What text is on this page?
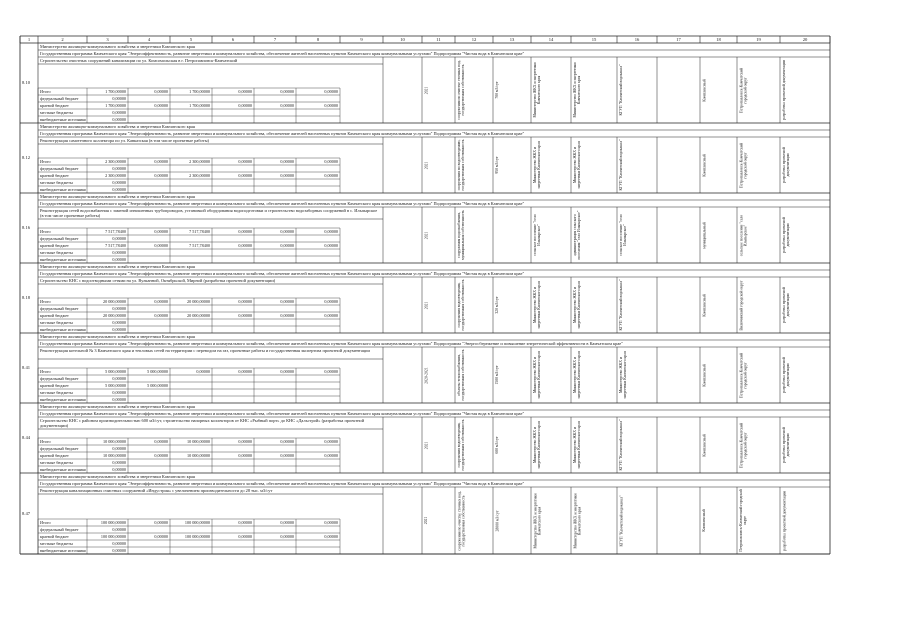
1	2	3	4	5	6	7	8	9	10	11	12	13	14	15	16	17	18	19	20
8.10
Министерство жилищно-коммунального хозяйства и энергетики Камчатского края
Государственная программа Камчатского края "Энергоэффективность, развитие энергетики и коммунального хозяйства, обеспечение жителей населенных пунктов Камчатского края коммунальными услугами" Подпрограмма "Чистая вода в Камчатском крае"
Строительство очистных сооружений канализации по ул. Комсомольская в г. Петропавловск-Камчатский
Итого	1 700,00000	0,00000	1 700,00000	0,00000	0,00000	0,00000
федеральный бюджет	0,00000
краевой бюджет	1 700,00000	0,00000	1 700,00000	0,00000	0,00000	0,00000
местные бюджеты	0,00000
внебюджетные источники	0,00000
2021	сооружения по очистке сточных вод, государственная собственность	700 м3/сут	Министерство ЖКХ и энергетики Камчатского края	Министерство ЖКХ и энергетики Камчатского края	КГУП "Камчатский водоканал"	Комплексный	Петропавловск-Камчатский городской округ	разработка проектной документации
8.12
Министерство жилищно-коммунального хозяйства и энергетики Камчатского края
Государственная программа Камчатского края "Энергоэффективность, развитие энергетики и коммунального хозяйства, обеспечение жителей населенных пунктов Камчатского края коммунальными услугами" Подпрограмма "Чистая вода в Камчатском крае"
Реконструкция самотечного коллектора по ул. Кавказская (в том числе проектные работы)
Итого	2 300,00000	0,00000	2 300,00000	0,00000	0,00000	0,00000
федеральный бюджет	0,00000
краевой бюджет	2 300,00000	0,00000	2 300,00000	0,00000	0,00000	0,00000
местные бюджеты	0,00000
внебюджетные источники	0,00000
2021	сооружения по водоотведению, государственная собственность	950 м3/сут	Министерство ЖКХ и энергетики Камчатского края	Министерство ЖКХ и энергетики Камчатского края	КГУП "Камчатский водоканал"	Комплексный	Петропавловск-Камчатский городской округ	разработка проектной документации
8.16
Министерство жилищно-коммунального хозяйства и энергетики Камчатского края
Государственная программа Камчатского края "Энергоэффективность, развитие энергетики и коммунального хозяйства, обеспечение жителей населенных пунктов Камчатского края коммунальными услугами" Подпрограмма "Чистая вода в Камчатском крае"
Реконструкция сетей водоснабжения с заменой изношенных трубопроводов, установкой оборудования водоподготовки и строительство водозаборных сооружений в с. Ильпырское (в том числе проектные работы)
Итого	7 517,78400	0,00000	7 517,78400	0,00000	0,00000	0,00000
федеральный бюджет	0,00000
краевой бюджет	7 517,78400	0,00000	7 517,78400	0,00000	0,00000	0,00000
местные бюджеты	0,00000
внебюджетные источники	0,00000
2021	сооружения водоснабжения, муниципальная собственность	сельское поселение "село Ильпырское"	администрация сельского поселения "село Ильпырское"	сельское поселение "село Ильпырское"	муниципальный	сельское поселение "село Ильпырское"	разработка проектной документации
8.18
Министерство жилищно-коммунального хозяйства и энергетики Камчатского края
Государственная программа Камчатского края "Энергоэффективность, развитие энергетики и коммунального хозяйства, обеспечение жителей населенных пунктов Камчатского края коммунальными услугами" Подпрограмма "Чистая вода в Камчатском крае"
Строительство КНС с водоотводными сетями на ул. Вулканной, Октябрьской, Мирной (разработка проектной документации)
Итого	20 000,00000	0,00000	20 000,00000	0,00000	0,00000	0,00000
федеральный бюджет	0,00000
краевой бюджет	20 000,00000	0,00000	20 000,00000	0,00000	0,00000	0,00000
местные бюджеты	0,00000
внебюджетные источники	0,00000
2021	сооружения водоотведения, государственная собственность	320 м3/сут	Министерство ЖКХ и энергетики Камчатского края	Министерство ЖКХ и энергетики Камчатского края	КГУП "Камчатский водоканал"	Комплексный	Вилючинский городской округ	разработка проектной документации
8.41
Министерство жилищно-коммунального хозяйства и энергетики Камчатского края
Государственная программа Камчатского края "Энергоэффективность, развитие энергетики и коммунального хозяйства, обеспечение жителей населенных пунктов Камчатского края коммунальными услугами" Подпрограмма "Энергосбережение и повышение энергетической эффективности в Камчатском крае"
Реконструкция котельной № 3 Камчатского края и тепловых сетей на территории с переводом на газ, проектные работы и государственная экспертиза проектной документации
Итого	5 000,00000	5 000,00000	0,00000	0,00000	0,00000	0,00000
федеральный бюджет	0,00000
краевой бюджет	5 000,00000	5 000,00000
местные бюджеты	0,00000
внебюджетные источники	0,00000
2020-2021	объекты теплоснабжения, государственная собственность	1500 м3/сут	Министерство ЖКХ и энергетики Камчатского края	Министерство ЖКХ и энергетики Камчатского края	Министерство ЖКХ и энергетики Камчатского края	Комплексный	Петропавловск-Камчатский городской округ	разработка проектной документации
8.44
Министерство жилищно-коммунального хозяйства и энергетики Камчатского края
Государственная программа Камчатского края "Энергоэффективность, развитие энергетики и коммунального хозяйства, обеспечение жителей населенных пунктов Камчатского края коммунальными услугами" Подпрограмма "Чистая вода в Камчатском крае"
Строительство КНС с районом производительностью 600 м3/сут, строительство напорных коллекторов от КНС «Рыбный порт» до КНС «Дальстрой» (разработка проектной документации)
Итого	10 000,00000	0,00000	10 000,00000	0,00000	0,00000	0,00000
федеральный бюджет	0,00000
краевой бюджет	10 000,00000	0,00000	10 000,00000	0,00000	0,00000	0,00000
местные бюджеты	0,00000
внебюджетные источники	0,00000
2021	сооружения водоотведения, государственная собственность	600 м3/сут	Министерство ЖКХ и энергетики Камчатского края	Министерство ЖКХ и энергетики Камчатского края	КГУП "Камчатский водоканал"	Комплексный	Петропавловск-Камчатский городской округ	разработка проектной документации
8.47
Министерство жилищно-коммунального хозяйства и энергетики Камчатского края
Государственная программа Камчатского края "Энергоэффективность, развитие энергетики и коммунального хозяйства, обеспечение жителей населенных пунктов Камчатского края коммунальными услугами" Подпрограмма "Чистая вода в Камчатском крае"
Реконструкция канализационных очистных сооружений «Индустрия» с увеличением производительности до 28 тыс. м3/сут
Итого	100 000,00000	0,00000	100 000,00000	0,00000	0,00000	0,00000
федеральный бюджет	0,00000
краевой бюджет	100 000,00000	0,00000	100 000,00000	0,00000	0,00000	0,00000
местные бюджеты	0,00000
внебюджетные источники	0,00000
2021	сооружения по очистке сточных вод, государственная собственность	28000 м3/сут	Министерство ЖКХ и энергетики Камчатского края	Министерство ЖКХ и энергетики Камчатского края	КГУП "Камчатский водоканал"	Комплексный	Петропавловск-Камчатский городской округ	разработка проектной документации
